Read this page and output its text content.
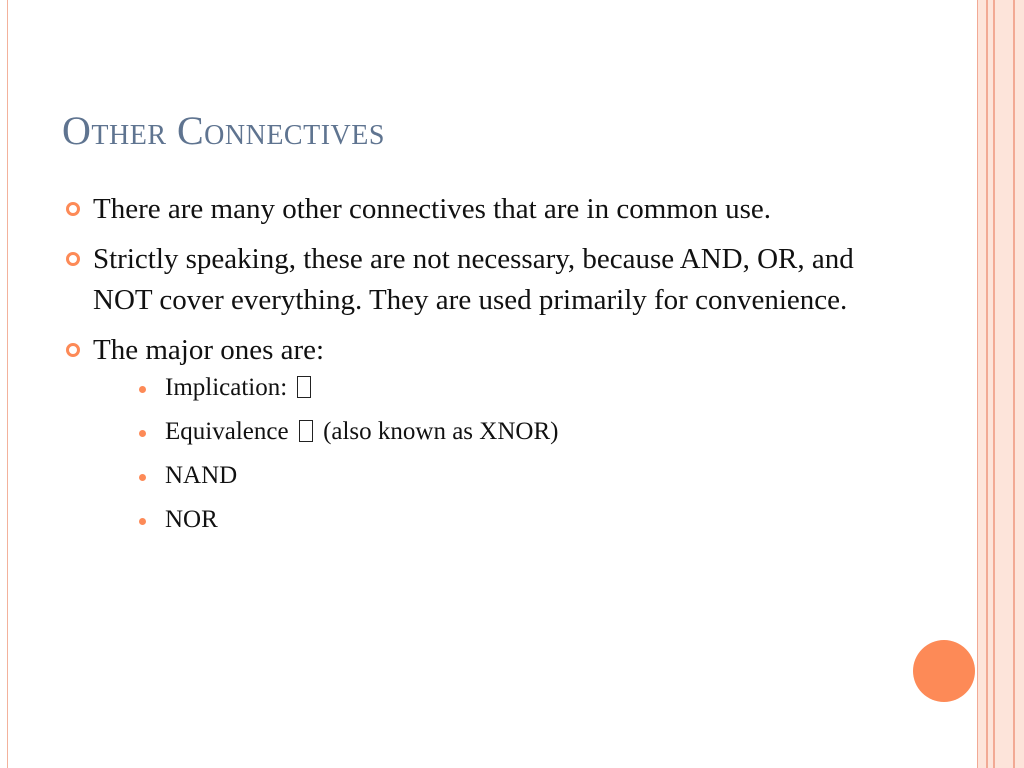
Other Connectives
There are many other connectives that are in common use.
Strictly speaking, these are not necessary, because AND, OR, and NOT cover everything. They are used primarily for convenience.
The major ones are:
Implication:
Equivalence (also known as XNOR)
NAND
NOR
